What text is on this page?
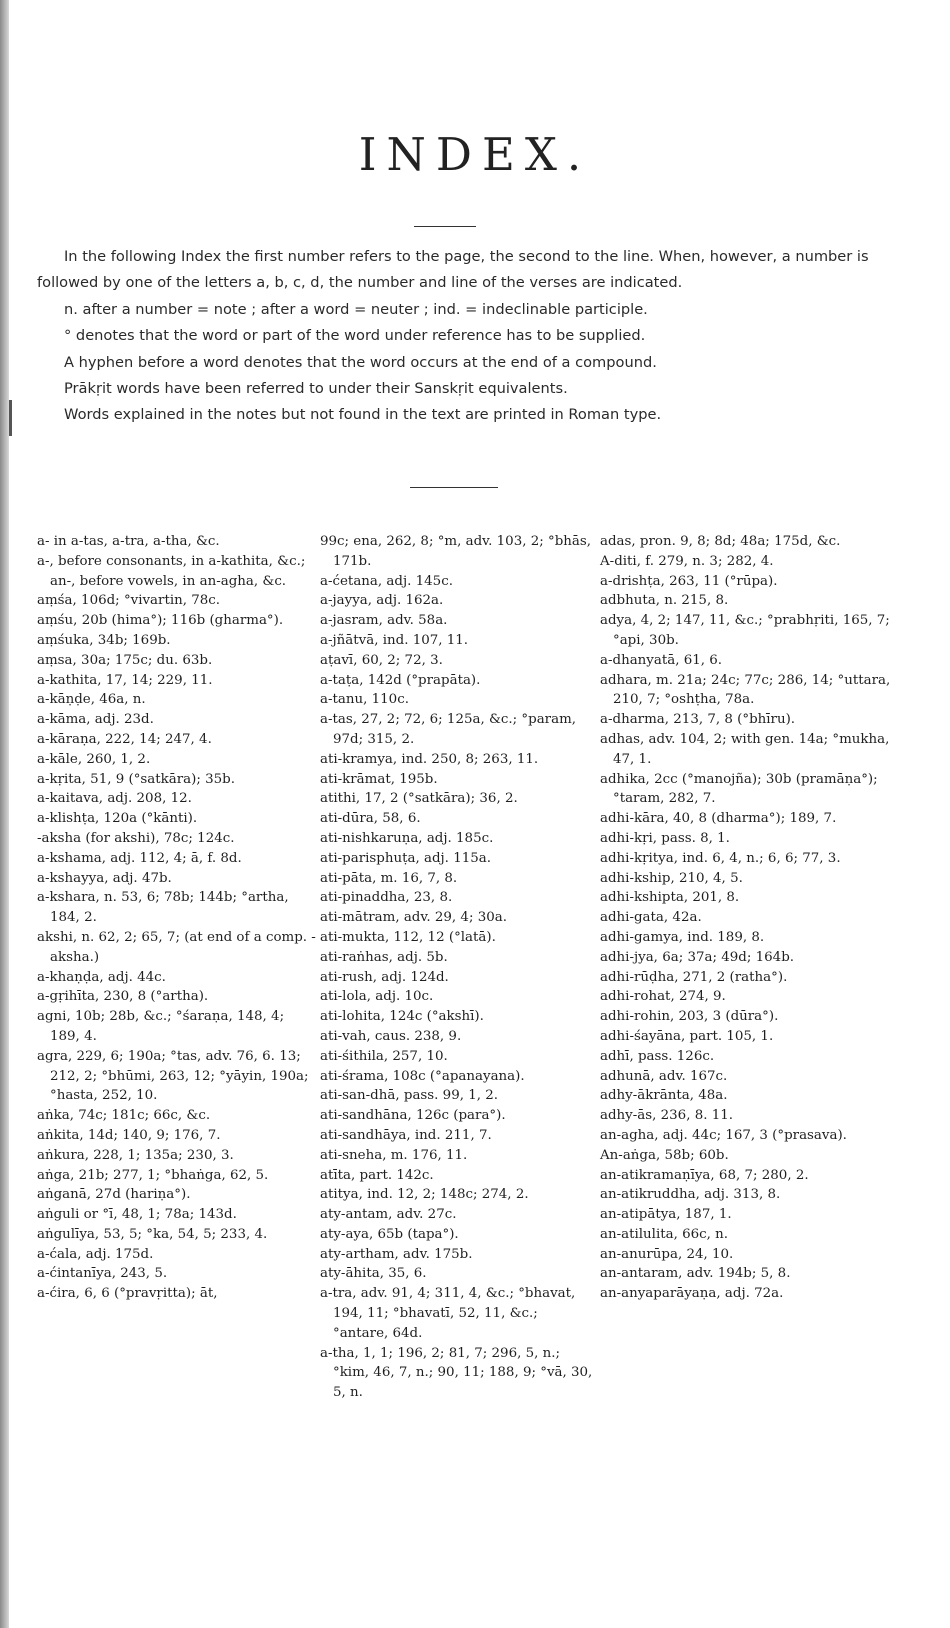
INDEX.

In the following Index the first number refers to the page, the second to the line. When, however, a number is followed by one of the letters a, b, c, d, the number and line of the verses are indicated.

n. after a number = note ; after a word = neuter ; ind. = indeclinable participle.

° denotes that the word or part of the word under reference has to be supplied.

A hyphen before a word denotes that the word occurs at the end of a compound.

Prākṛit words have been referred to under their Sanskṛit equivalents.

Words explained in the notes but not found in the text are printed in Roman type.

a- in a-tas, a-tra, a-tha, &c.
a-, before consonants, in a-kathita, &c.; an-, before vowels, in an-agha, &c.
aṃśa, 106d; °vivartin, 78c.
aṃśu, 20b (hima°); 116b (gharma°).
aṃśuka, 34b; 169b.
aṃsa, 30a; 175c; du. 63b.
a-kathita, 17, 14; 229, 11.
a-kāṇḍe, 46a, n.
a-kāma, adj. 23d.
a-kāraṇa, 222, 14; 247, 4.
a-kāle, 260, 1, 2.
a-kṛita, 51, 9 (°satkāra); 35b.
a-kaitava, adj. 208, 12.
a-klishṭa, 120a (°kānti).
-aksha (for akshi), 78c; 124c.
a-kshama, adj. 112, 4; ā, f. 8d.
a-kshayya, adj. 47b.
a-kshara, n. 53, 6; 78b; 144b; °artha, 184, 2.
akshi, n. 62, 2; 65, 7; (at end of a comp. -aksha.)
a-khaṇḍa, adj. 44c.
a-gṛihīta, 230, 8 (°artha).
agni, 10b; 28b, &c.; °śaraṇa, 148, 4; 189, 4.
agra, 229, 6; 190a; °tas, adv. 76, 6. 13; 212, 2; °bhūmi, 263, 12; °yāyin, 190a; °hasta, 252, 10.
aṅka, 74c; 181c; 66c, &c.
aṅkita, 14d; 140, 9; 176, 7.
aṅkura, 228, 1; 135a; 230, 3.
aṅga, 21b; 277, 1; °bhaṅga, 62, 5.
aṅganā, 27d (hariṇa°).
aṅguli or °ī, 48, 1; 78a; 143d.
aṅgulīya, 53, 5; °ka, 54, 5; 233, 4.
a-ćala, adj. 175d.
a-ćintanīya, 243, 5.
a-ćira, 6, 6 (°pravṛitta); āt,
99c; ena, 262, 8; °m, adv. 103, 2; °bhās, 171b.
a-ćetana, adj. 145c.
a-jayya, adj. 162a.
a-jasram, adv. 58a.
a-jñātvā, ind. 107, 11.
aṭavī, 60, 2; 72, 3.
a-taṭa, 142d (°prapāta).
a-tanu, 110c.
a-tas, 27, 2; 72, 6; 125a, &c.; °param, 97d; 315, 2.
ati-kramya, ind. 250, 8; 263, 11.
ati-krāmat, 195b.
atithi, 17, 2 (°satkāra); 36, 2.
ati-dūra, 58, 6.
ati-nishkaruṇa, adj. 185c.
ati-parisphuṭa, adj. 115a.
ati-pāta, m. 16, 7, 8.
ati-pinaddha, 23, 8.
ati-mātram, adv. 29, 4; 30a.
ati-mukta, 112, 12 (°latā).
ati-raṅhas, adj. 5b.
ati-rush, adj. 124d.
ati-lola, adj. 10c.
ati-lohita, 124c (°akshī).
ati-vah, caus. 238, 9.
ati-śithila, 257, 10.
ati-śrama, 108c (°apanayana).
ati-san-dhā, pass. 99, 1, 2.
ati-sandhāna, 126c (para°).
ati-sandhāya, ind. 211, 7.
ati-sneha, m. 176, 11.
atīta, part. 142c.
atitya, ind. 12, 2; 148c; 274, 2.
aty-antam, adv. 27c.
aty-aya, 65b (tapa°).
aty-artham, adv. 175b.
aty-āhita, 35, 6.
a-tra, adv. 91, 4; 311, 4, &c.; °bhavat, 194, 11; °bhavatī, 52, 11, &c.; °antare, 64d.
a-tha, 1, 1; 196, 2; 81, 7; 296, 5, n.; °kim, 46, 7, n.; 90, 11; 188, 9; °vā, 30, 5, n.
adas, pron. 9, 8; 8d; 48a; 175d, &c.
A-diti, f. 279, n. 3; 282, 4.
a-drishṭa, 263, 11 (°rūpa).
adbhuta, n. 215, 8.
adya, 4, 2; 147, 11, &c.; °prabhṛiti, 165, 7; °api, 30b.
a-dhanyatā, 61, 6.
adhara, m. 21a; 24c; 77c; 286, 14; °uttara, 210, 7; °oshṭha, 78a.
a-dharma, 213, 7, 8 (°bhīru).
adhas, adv. 104, 2; with gen. 14a; °mukha, 47, 1.
adhika, 2cc (°manojña); 30b (pramāṇa°); °taram, 282, 7.
adhi-kāra, 40, 8 (dharma°); 189, 7.
adhi-kṛi, pass. 8, 1.
adhi-kṛitya, ind. 6, 4, n.; 6, 6; 77, 3.
adhi-kship, 210, 4, 5.
adhi-kshipta, 201, 8.
adhi-gata, 42a.
adhi-gamya, ind. 189, 8.
adhi-jya, 6a; 37a; 49d; 164b.
adhi-rūḍha, 271, 2 (ratha°).
adhi-rohat, 274, 9.
adhi-rohin, 203, 3 (dūra°).
adhi-śayāna, part. 105, 1.
adhī, pass. 126c.
adhunā, adv. 167c.
adhy-ākrānta, 48a.
adhy-ās, 236, 8. 11.
an-agha, adj. 44c; 167, 3 (°prasava).
An-aṅga, 58b; 60b.
an-atikramaṇīya, 68, 7; 280, 2.
an-atikruddha, adj. 313, 8.
an-atipātya, 187, 1.
an-atilulita, 66c, n.
an-anurūpa, 24, 10.
an-antaram, adv. 194b; 5, 8.
an-anyaparāyaṇa, adj. 72a.
